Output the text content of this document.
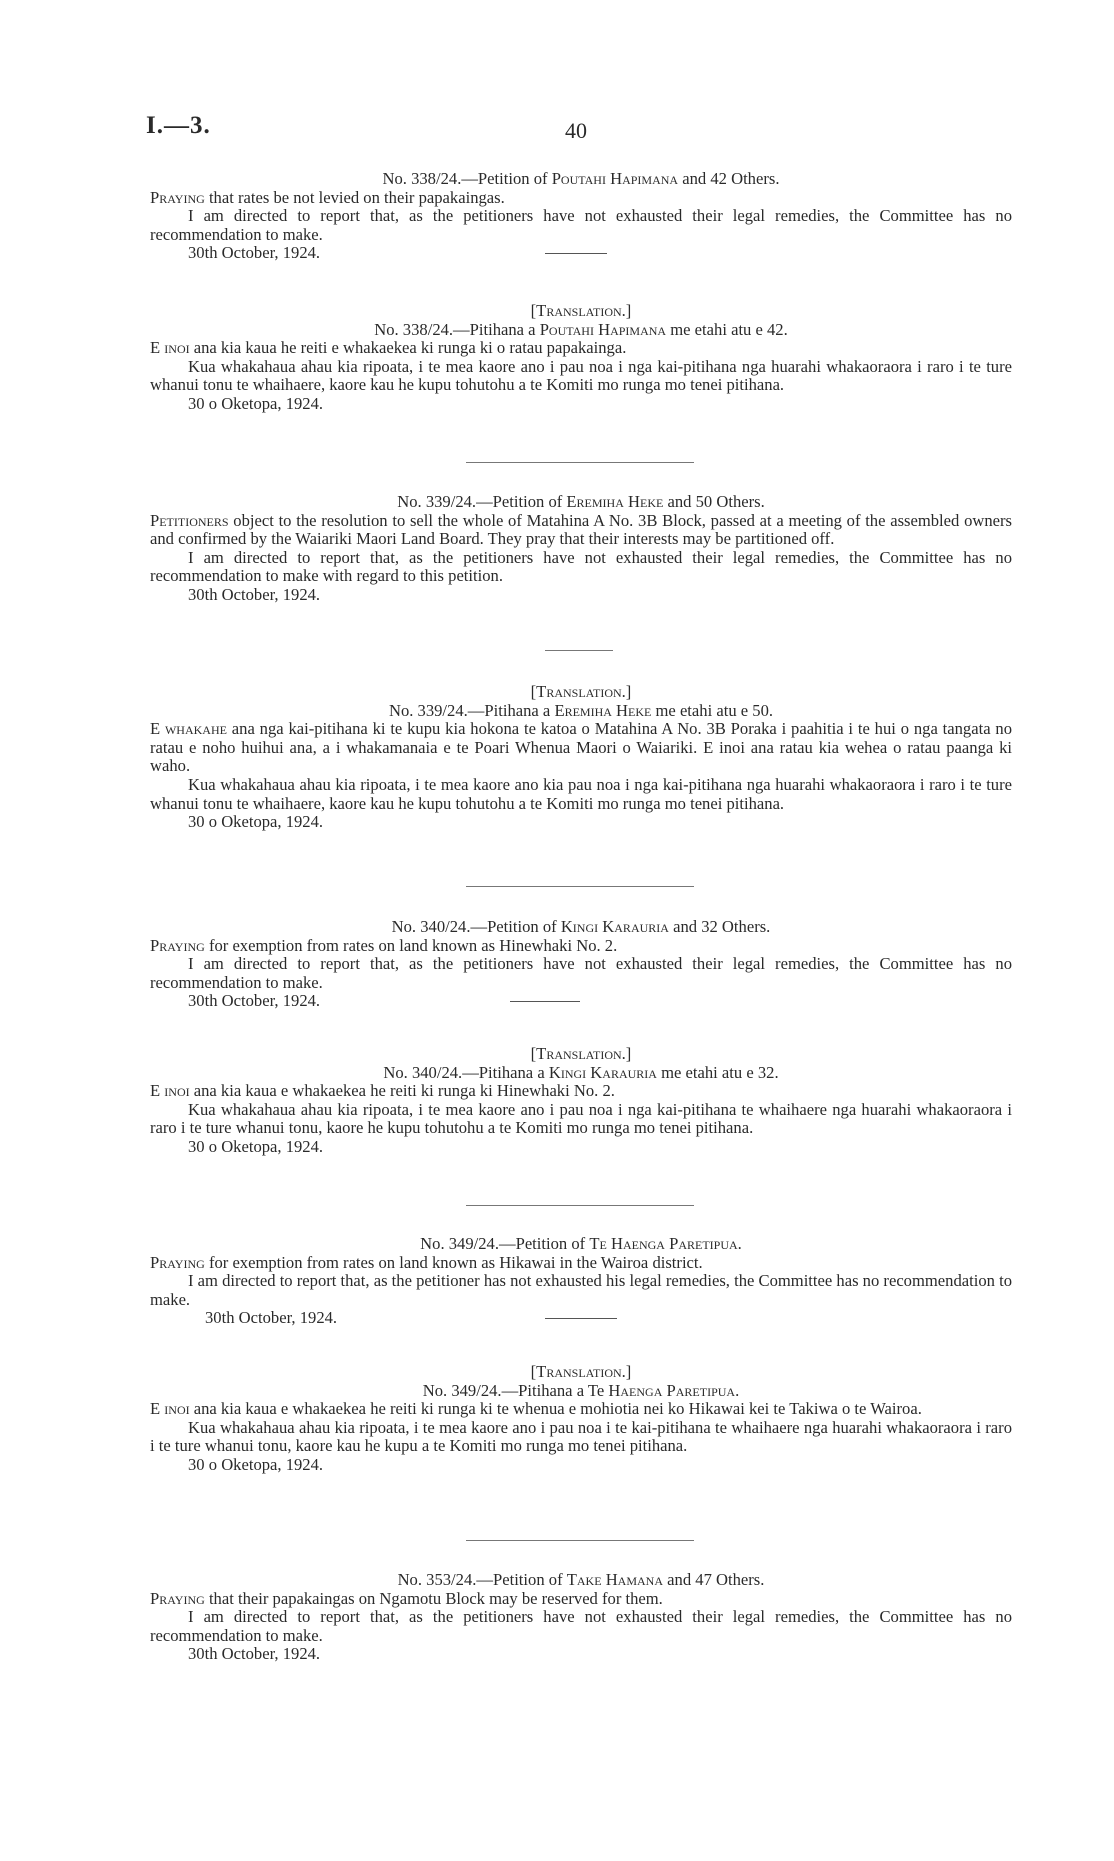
I.—3.	40

No. 338/24.—Petition of Poutahi Hapimana and 42 Others.

Praying that rates be not levied on their papakaingas.

I am directed to report that, as the petitioners have not exhausted their legal remedies, the Committee has no recommendation to make.

30th October, 1924.

[Translation.]

No. 338/24.—Pitihana a Poutahi Hapimana me etahi atu e 42.

E inoi ana kia kaua he reiti e whakaekea ki runga ki o ratau papakainga.

Kua whakahaua ahau kia ripoata, i te mea kaore ano i pau noa i nga kai-pitihana nga huarahi whakaoraora i raro i te ture whanui tonu te whaihaere, kaore kau he kupu tohutohu a te Komiti mo runga mo tenei pitihana.

30 o Oketopa, 1924.

No. 339/24.—Petition of Eremiha Heke and 50 Others.

Petitioners object to the resolution to sell the whole of Matahina A No. 3B Block, passed at a meeting of the assembled owners and confirmed by the Waiariki Maori Land Board. They pray that their interests may be partitioned off.

I am directed to report that, as the petitioners have not exhausted their legal remedies, the Committee has no recommendation to make with regard to this petition.

30th October, 1924.

[Translation.]

No. 339/24.—Pitihana a Eremiha Heke me etahi atu e 50.

E whakahe ana nga kai-pitihana ki te kupu kia hokona te katoa o Matahina A No. 3B Poraka i paahitia i te hui o nga tangata no ratau e noho huihui ana, a i whakamanaia e te Poari Whenua Maori o Waiariki. E inoi ana ratau kia wehea o ratau paanga ki waho.

Kua whakahaua ahau kia ripoata, i te mea kaore ano kia pau noa i nga kai-pitihana nga huarahi whakaoraora i raro i te ture whanui tonu te whaihaere, kaore kau he kupu tohutohu a te Komiti mo runga mo tenei pitihana.

30 o Oketopa, 1924.

No. 340/24.—Petition of Kingi Karauria and 32 Others.

Praying for exemption from rates on land known as Hinewhaki No. 2.

I am directed to report that, as the petitioners have not exhausted their legal remedies, the Committee has no recommendation to make.

30th October, 1924.

[Translation.]

No. 340/24.—Pitihana a Kingi Karauria me etahi atu e 32.

E inoi ana kia kaua e whakaekea he reiti ki runga ki Hinewhaki No. 2.

Kua whakahaua ahau kia ripoata, i te mea kaore ano i pau noa i nga kai-pitihana te whaihaere nga huarahi whakaoraora i raro i te ture whanui tonu, kaore he kupu tohutohu a te Komiti mo runga mo tenei pitihana.

30 o Oketopa, 1924.

No. 349/24.—Petition of Te Haenga Paretipua.

Praying for exemption from rates on land known as Hikawai in the Wairoa district.

I am directed to report that, as the petitioner has not exhausted his legal remedies, the Committee has no recommendation to make.

30th October, 1924.

[Translation.]

No. 349/24.—Pitihana a Te Haenga Paretipua.

E inoi ana kia kaua e whakaekea he reiti ki runga ki te whenua e mohiotia nei ko Hikawai kei te Takiwa o te Wairoa.

Kua whakahaua ahau kia ripoata, i te mea kaore ano i pau noa i te kai-pitihana te whaihaere nga huarahi whakaoraora i raro i te ture whanui tonu, kaore kau he kupu a te Komiti mo runga mo tenei pitihana.

30 o Oketopa, 1924.

No. 353/24.—Petition of Take Hamana and 47 Others.

Praying that their papakaingas on Ngamotu Block may be reserved for them.

I am directed to report that, as the petitioners have not exhausted their legal remedies, the Committee has no recommendation to make.

30th October, 1924.
